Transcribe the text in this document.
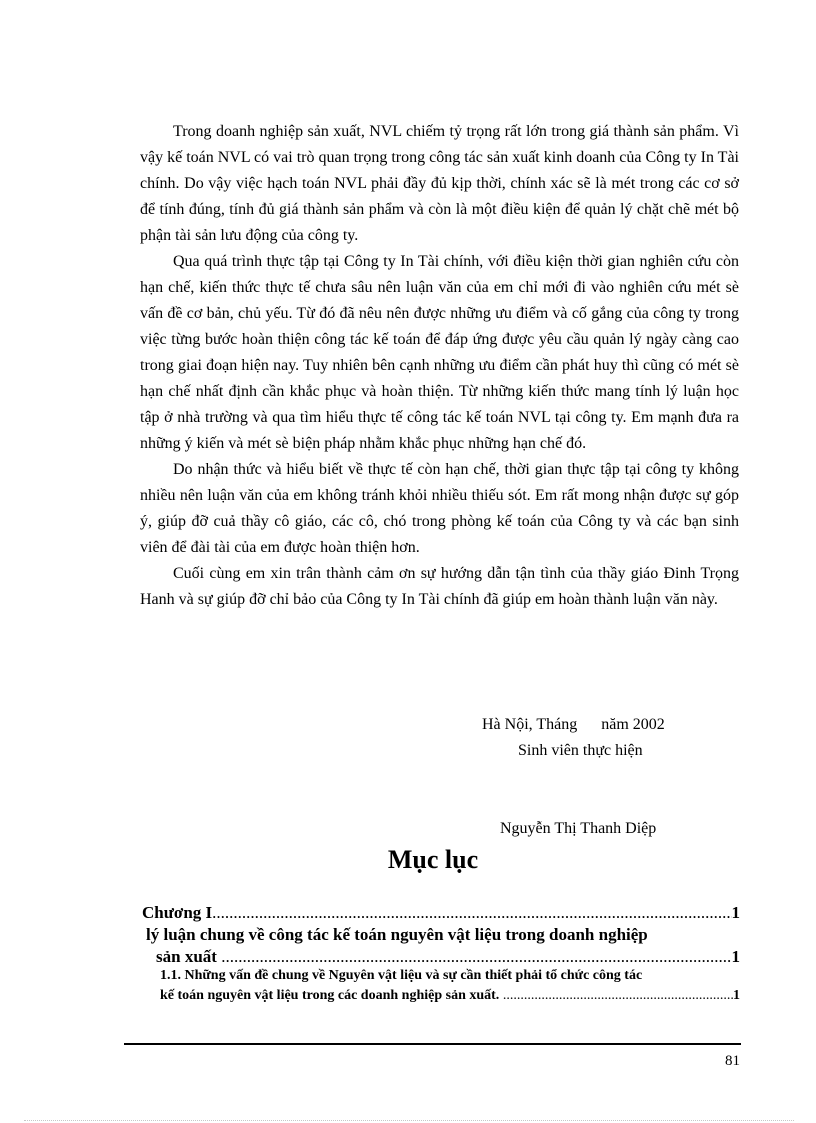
Trong doanh nghiệp sản xuất, NVL chiếm tỷ trọng rất lớn trong giá thành sản phẩm. Vì vậy kế toán NVL có vai trò quan trọng trong công tác sản xuất kinh doanh của Công ty In Tài chính. Do vậy việc hạch toán NVL phải đầy đủ kịp thời, chính xác sẽ là mét trong các cơ sở để tính đúng, tính đủ giá thành sản phẩm và còn là một điều kiện để quản lý chặt chẽ mét bộ phận tài sản lưu động của công ty.

Qua quá trình thực tập tại Công ty In Tài chính, với điều kiện thời gian nghiên cứu còn hạn chế, kiến thức thực tế chưa sâu nên luận văn của em chỉ mới đi vào nghiên cứu mét sè vấn đề cơ bản, chủ yếu. Từ đó đã nêu nên được những ưu điểm và cố gắng của công ty trong việc từng bước hoàn thiện công tác kế toán để đáp ứng được yêu cầu quản lý ngày càng cao trong giai đoạn hiện nay. Tuy nhiên bên cạnh những ưu điểm cần phát huy thì cũng có mét sè hạn chế nhất định cần khắc phục và hoàn thiện. Từ những kiến thức mang tính lý luận học tập ở nhà trường và qua tìm hiểu thực tế công tác kế toán NVL tại công ty. Em mạnh đưa ra những ý kiến và mét sè biện pháp nhằm khắc phục những hạn chế đó.

Do nhận thức và hiểu biết về thực tế còn hạn chế, thời gian thực tập tại công ty không nhiều nên luận văn của em không tránh khỏi nhiều thiếu sót. Em rất mong nhận được sự góp ý, giúp đỡ cuả thầy cô giáo, các cô, chó trong phòng kế toán của Công ty và các bạn sinh viên để đài tài của em được hoàn thiện hơn.

Cuối cùng em xin trân thành cảm ơn sự hướng dẫn tận tình của thầy giáo Đinh Trọng Hanh và sự giúp đỡ chỉ bảo của Công ty In Tài chính đã giúp em hoàn thành luận văn này.

Hà Nội, Tháng      năm 2002
Sinh viên thực hiện
Nguyễn Thị Thanh Diệp
Mục lục
Chương I .....	1
lý luận chung về công tác kế toán nguyên vật liệu trong doanh nghiệp
sản xuất .....	1
1.1. Những vấn đề chung về Nguyên vật liệu và sự cần thiết phải tổ chức công tác
kế toán nguyên vật liệu trong các doanh nghiệp sản xuất. .....	1
81
